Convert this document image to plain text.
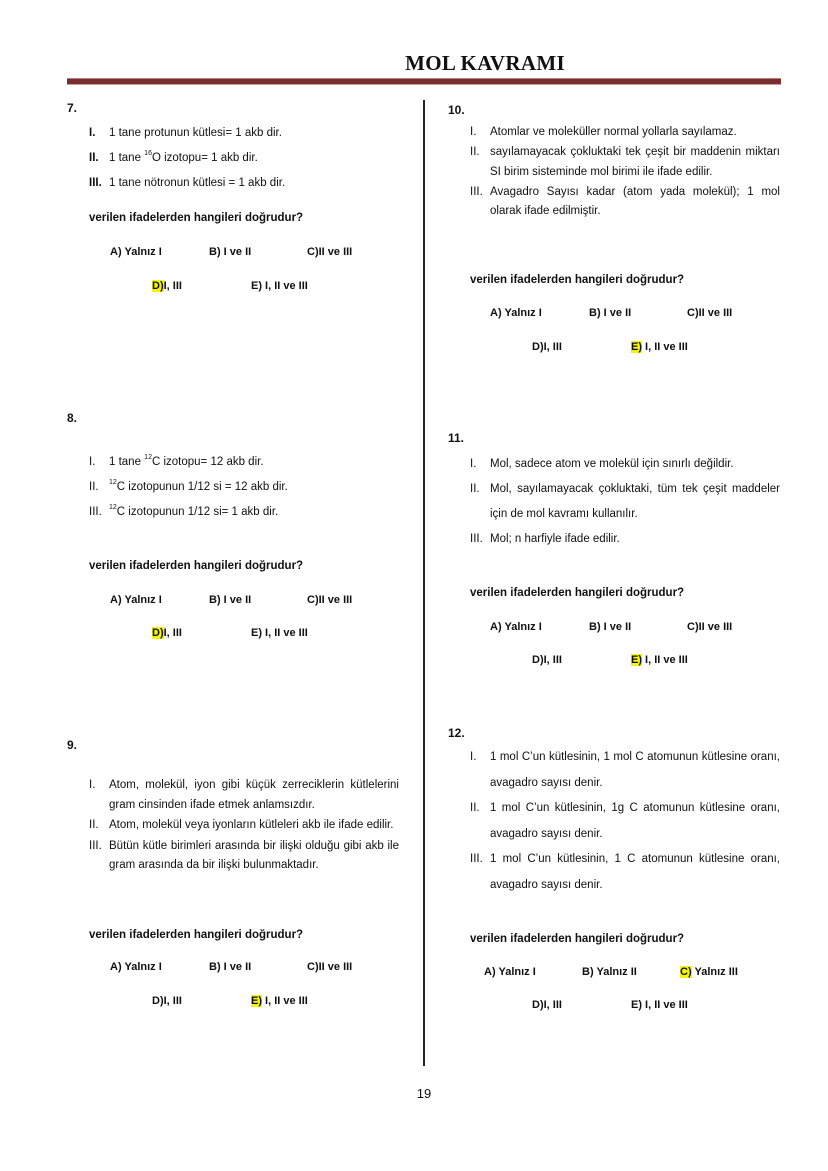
MOL KAVRAMI
19
7.
I. 1 tane protunun kütlesi= 1 akb dir.
II. 1 tane $^{16}$O izotopu= 1 akb dir.
III. 1 tane nötronun kütlesi = 1 akb dir.
verilen ifadelerden hangileri doğrudur?
A) Yalnız I	B) I ve II	C)II ve III
D)I, III	E) I, II ve III
8.
I. 1 tane $^{12}$C izotopu= 12 akb dir.
II. $^{12}$C izotopunun 1/12 si = 12 akb dir.
III. $^{12}$C izotopunun 1/12 si= 1 akb dir.
verilen ifadelerden hangileri doğrudur?
A) Yalnız I	B) I ve II	C)II ve III
D)I, III	E) I, II ve III
9.
I. Atom, molekül, iyon gibi küçük zerreciklerin kütlelerini gram cinsinden ifade etmek anlamsızdır.
II. Atom, molekül veya iyonların kütleleri akb ile ifade edilir.
III. Bütün kütle birimleri arasında bir ilişki olduğu gibi akb ile gram arasında da bir ilişki bulunmaktadır.
verilen ifadelerden hangileri doğrudur?
A) Yalnız I	B) I ve II	C)II ve III
D)I, III	E) I, II ve III
10.
I. Atomlar ve moleküller normal yollarla sayılamaz.
II. sayılamayacak çokluktaki tek çeşit bir maddenin miktarı SI birim sisteminde mol birimi ile ifade edilir.
III. Avagadro Sayısı kadar (atom yada molekül); 1 mol olarak ifade edilmiştir.
verilen ifadelerden hangileri doğrudur?
A) Yalnız I	B) I ve II	C)II ve III
D)I, III	E) I, II ve III
11.
I. Mol, sadece atom ve molekül için sınırlı değildir.
II. Mol, sayılamayacak çokluktaki, tüm tek çeşit maddeler için de mol kavramı kullanılır.
III. Mol; n harfiyle ifade edilir.
verilen ifadelerden hangileri doğrudur?
A) Yalnız I	B) I ve II	C)II ve III
D)I, III	E) I, II ve III
12.
I. 1 mol C’un kütlesinin, 1 mol C atomunun kütlesine oranı, avagadro sayısı denir.
II. 1 mol C’un kütlesinin, 1g C atomunun kütlesine oranı, avagadro sayısı denir.
III. 1 mol C’un kütlesinin, 1 C atomunun kütlesine oranı, avagadro sayısı denir.
verilen ifadelerden hangileri doğrudur?
A) Yalnız I	B) Yalnız II	C) Yalnız III
D)I, III	E) I, II ve III
